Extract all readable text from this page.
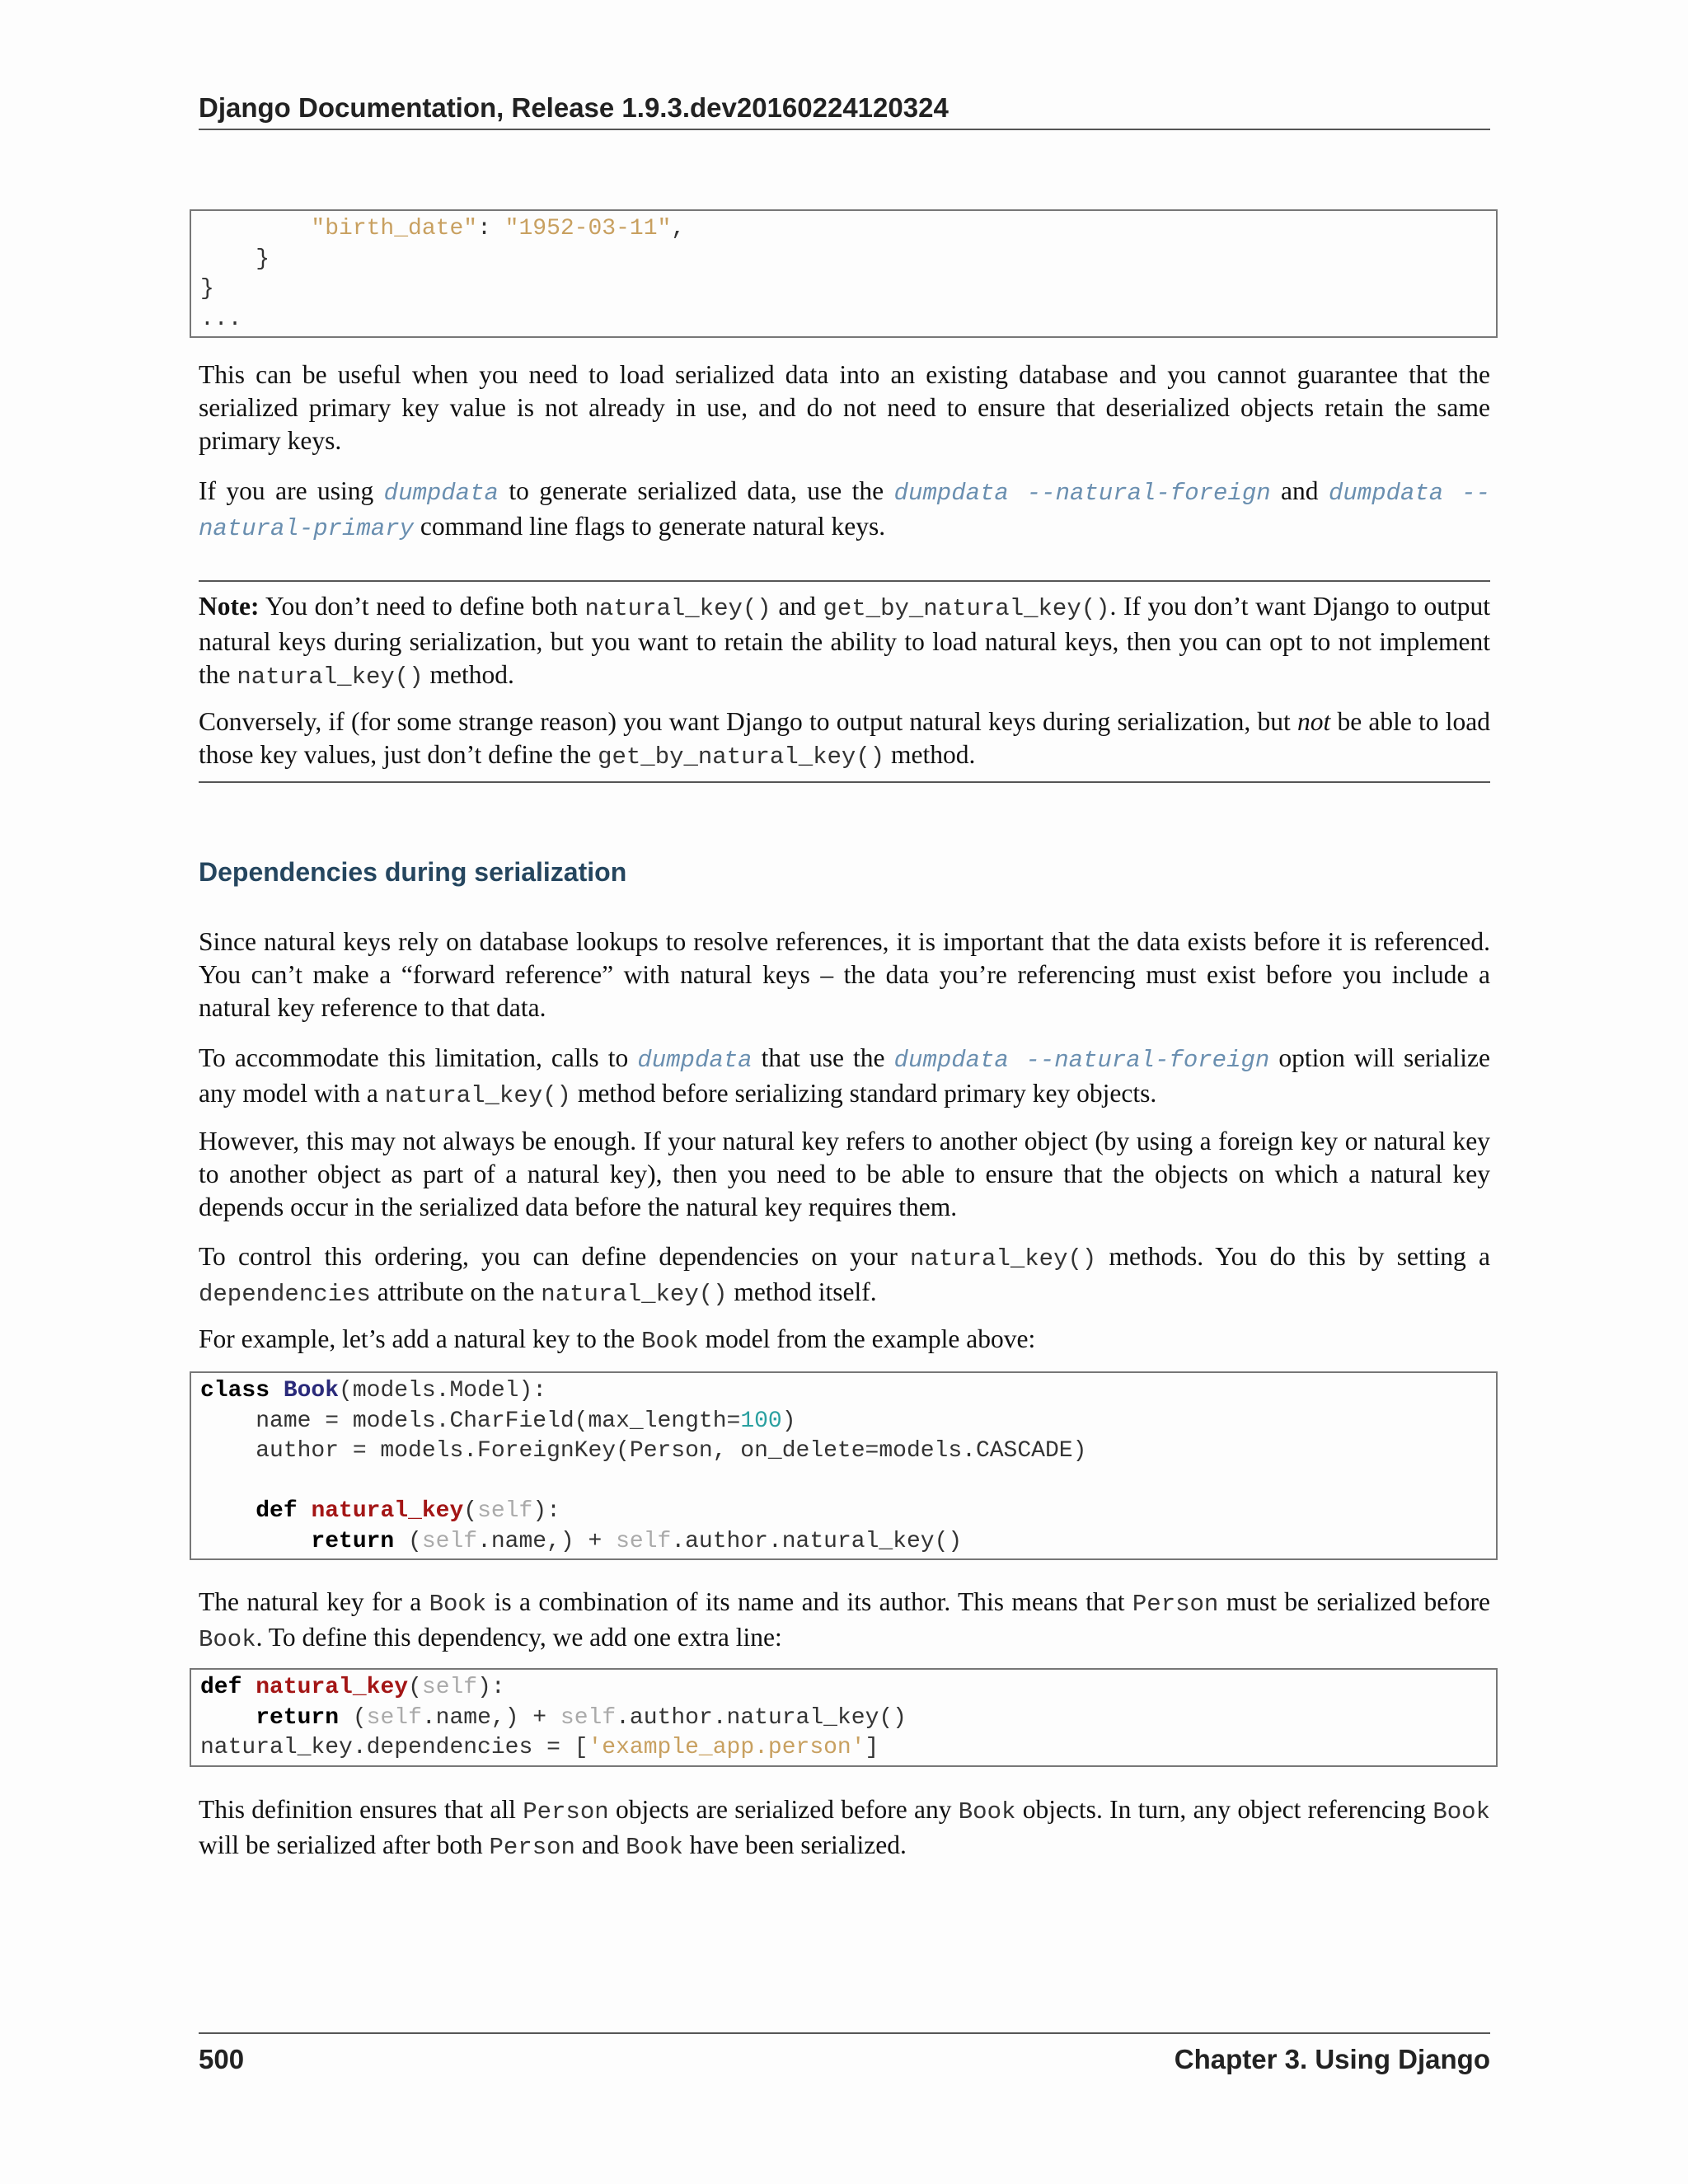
Django Documentation, Release 1.9.3.dev20160224120324
"birth_date": "1952-03-11",
}
}
...

This can be useful when you need to load serialized data into an existing database and you cannot guarantee that the serialized primary key value is not already in use, and do not need to ensure that deserialized objects retain the same primary keys.

If you are using dumpdata to generate serialized data, use the dumpdata --natural-foreign and dumpdata --natural-primary command line flags to generate natural keys.

Note: You don’t need to define both natural_key() and get_by_natural_key(). If you don’t want Django to output natural keys during serialization, but you want to retain the ability to load natural keys, then you can opt to not implement the natural_key() method.

Conversely, if (for some strange reason) you want Django to output natural keys during serialization, but not be able to load those key values, just don’t define the get_by_natural_key() method.

Dependencies during serialization

Since natural keys rely on database lookups to resolve references, it is important that the data exists before it is referenced. You can’t make a “forward reference” with natural keys – the data you’re referencing must exist before you include a natural key reference to that data.

To accommodate this limitation, calls to dumpdata that use the dumpdata --natural-foreign option will serialize any model with a natural_key() method before serializing standard primary key objects.

However, this may not always be enough. If your natural key refers to another object (by using a foreign key or natural key to another object as part of a natural key), then you need to be able to ensure that the objects on which a natural key depends occur in the serialized data before the natural key requires them.

To control this ordering, you can define dependencies on your natural_key() methods. You do this by setting a dependencies attribute on the natural_key() method itself.

For example, let’s add a natural key to the Book model from the example above:

class Book(models.Model):
name = models.CharField(max_length=100)
author = models.ForeignKey(Person, on_delete=models.CASCADE)

def natural_key(self):
return (self.name,) + self.author.natural_key()

The natural key for a Book is a combination of its name and its author. This means that Person must be serialized before Book. To define this dependency, we add one extra line:

def natural_key(self):
return (self.name,) + self.author.natural_key()
natural_key.dependencies = ['example_app.person']

This definition ensures that all Person objects are serialized before any Book objects. In turn, any object referencing Book will be serialized after both Person and Book have been serialized.

500	Chapter 3. Using Django
